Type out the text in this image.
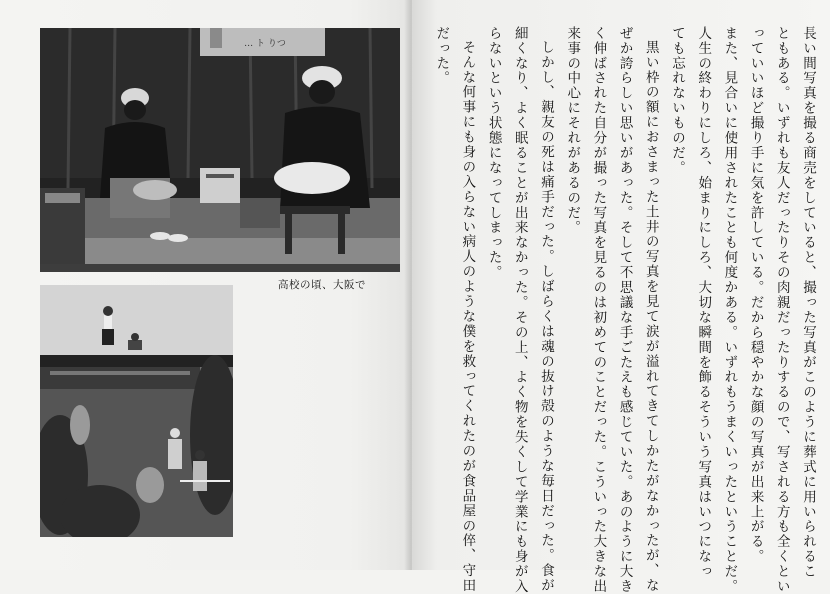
… ト りつ
高校の頃、大阪で	長い間写真を撮る商売をしていると、撮った写真がこのように葬式に用いられるこ
ともある。いずれも友人だったりその肉親だったりするので、写される方も全くとい
っていいほど撮り手に気を許している。だから穏やかな顔の写真が出来上がる。
また、見合いに使用されたことも何度かある。いずれもうまくいったということだ。
人生の終わりにしろ、始まりにしろ、大切な瞬間を飾るそういう写真はいつになっ
ても忘れないものだ。
黒い枠の額におさまった土井の写真を見て涙が溢れてきてしかたがなかったが、な
ぜか誇らしい思いがあった。そして不思議な手ごたえも感じていた。あのように大き
く伸ばされた自分が撮った写真を見るのは初めてのことだった。こういった大きな出
来事の中心にそれがあるのだ。
しかし、親友の死は痛手だった。しばらくは魂の抜け殻のような毎日だった。食が
細くなり、よく眠ることが出来なかった。その上、よく物を失くして学業にも身が入
らないという状態になってしまった。
そんな何事にも身の入らない病人のような僕を救ってくれたのが食品屋の倅、守田
だった。
